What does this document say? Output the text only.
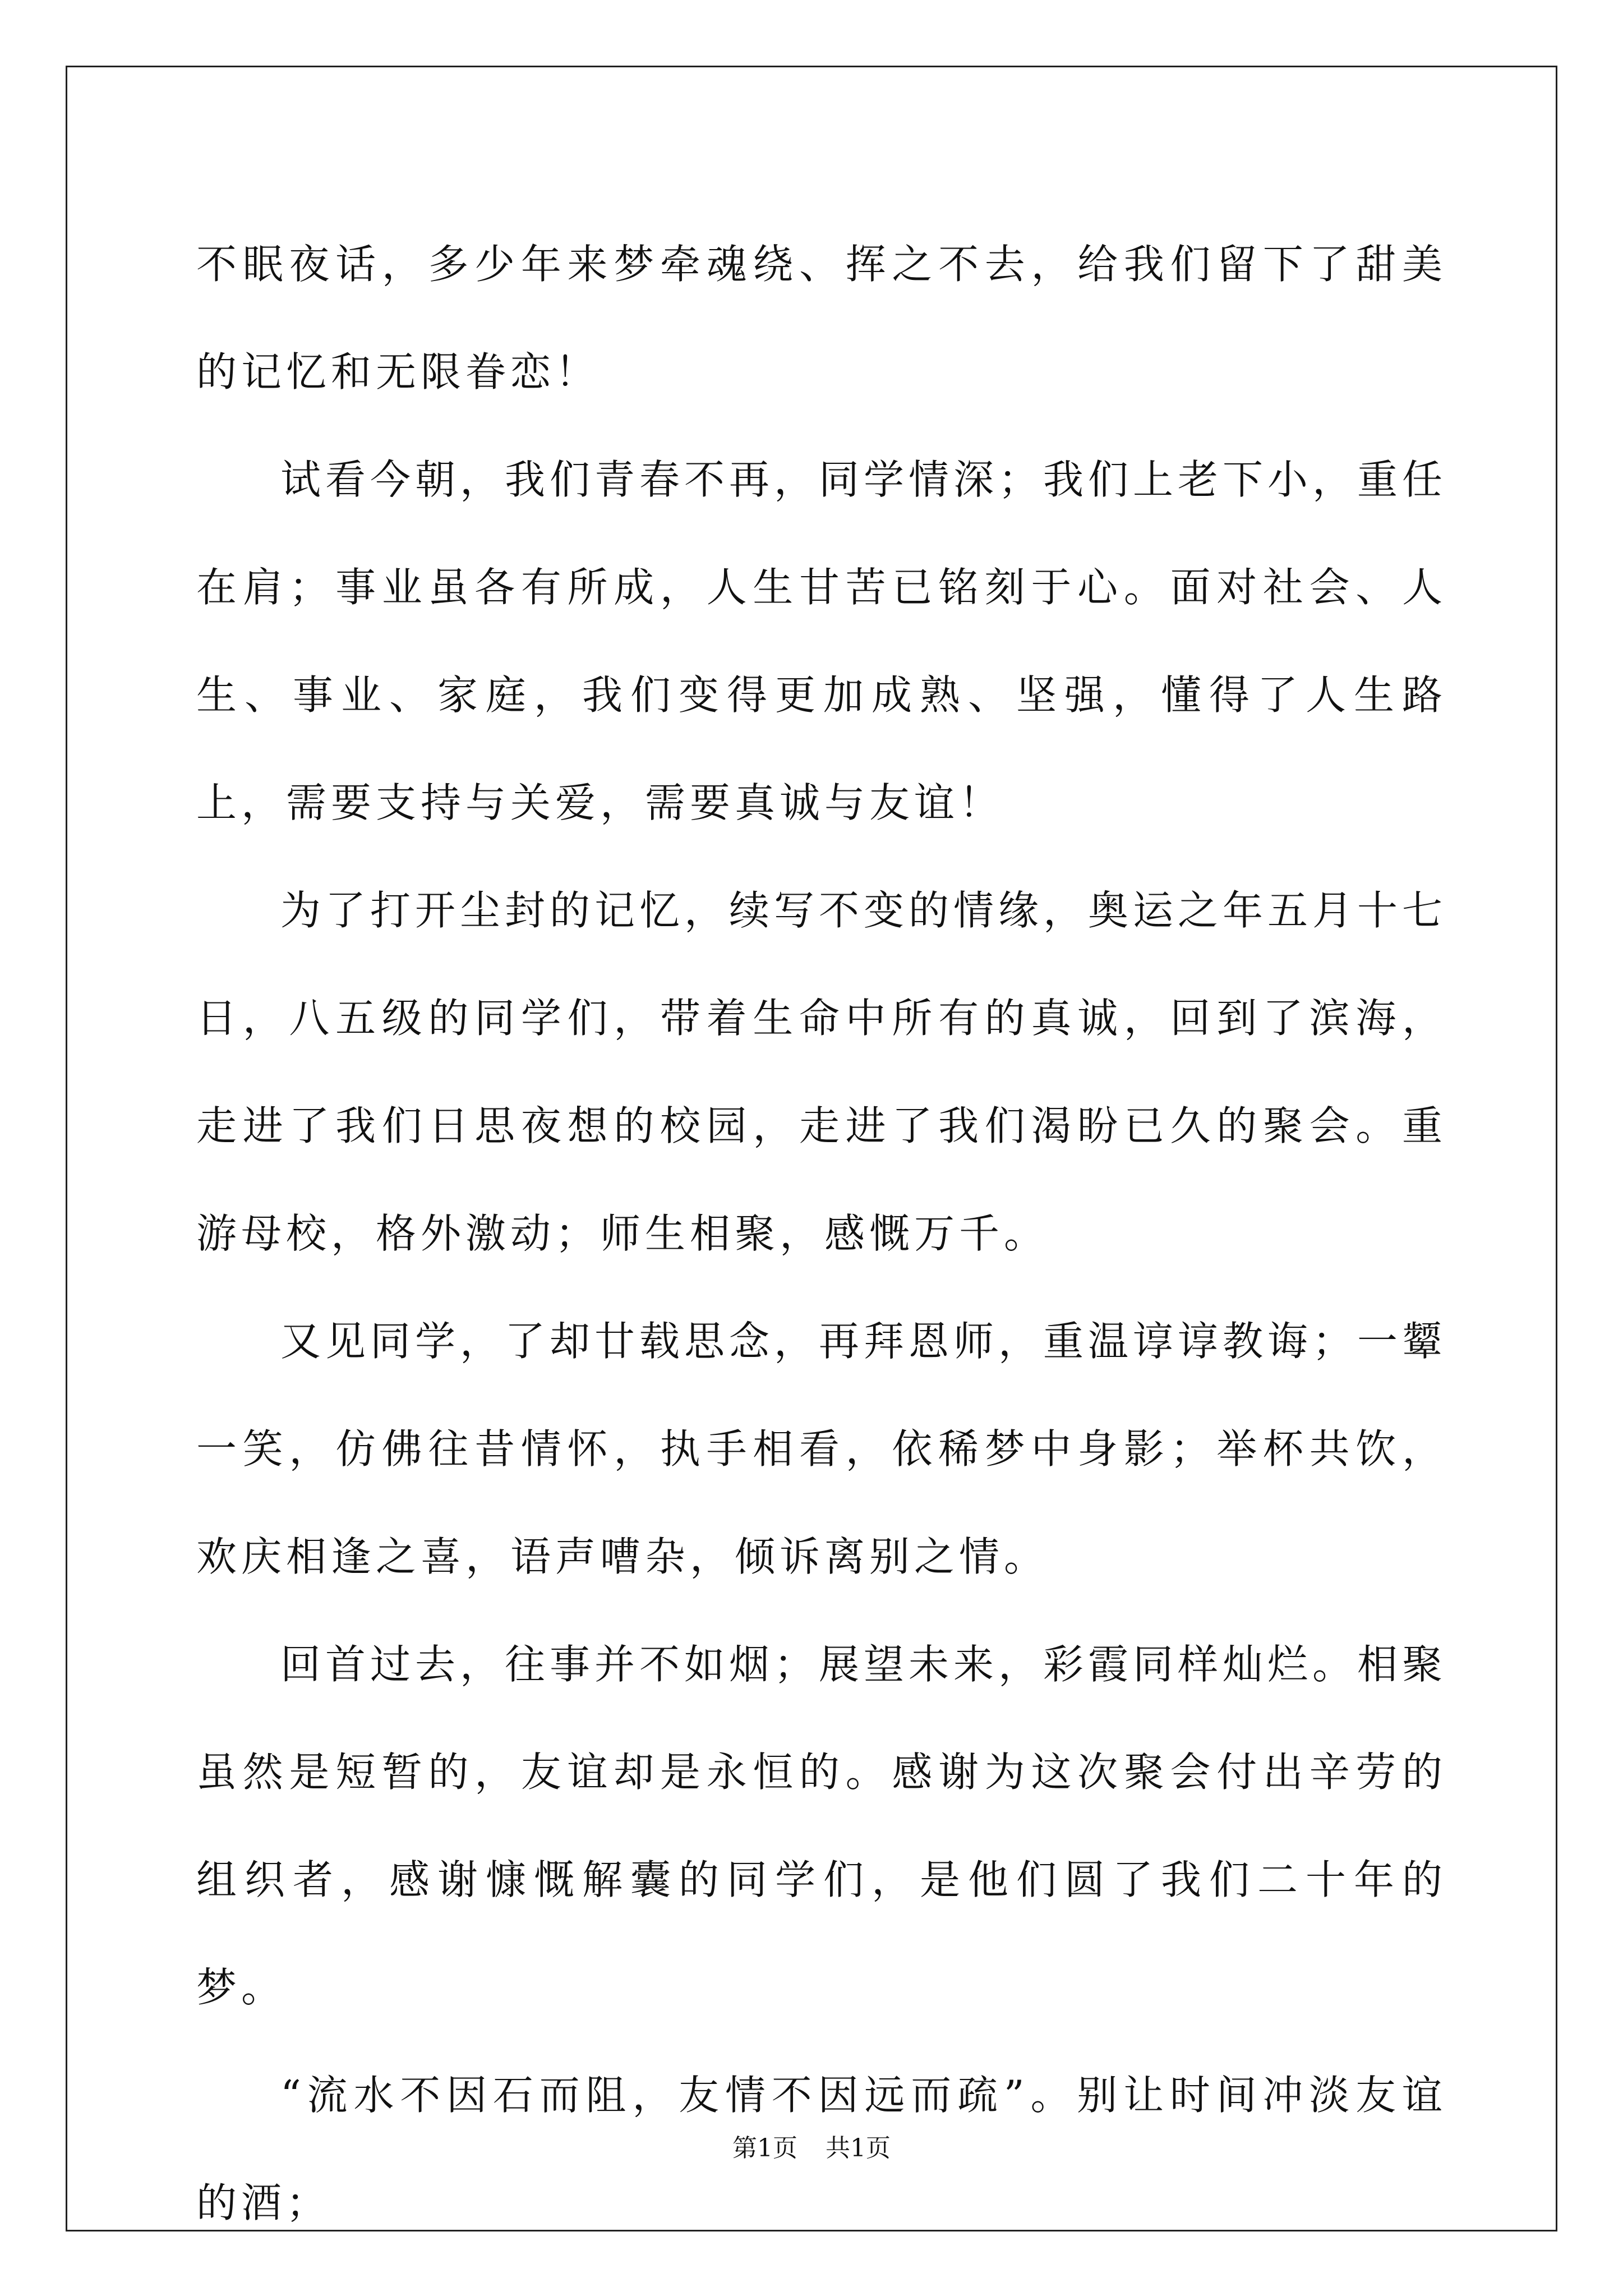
不眠夜话，多少年来梦牵魂绕、挥之不去，给我们留下了甜美的记忆和无限眷恋！

试看今朝，我们青春不再，同学情深；我们上老下小，重任在肩；事业虽各有所成，人生甘苦已铭刻于心。面对社会、人生、事业、家庭，我们变得更加成熟、坚强，懂得了人生路上，需要支持与关爱，需要真诚与友谊！

为了打开尘封的记忆，续写不变的情缘，奥运之年五月十七日，八五级的同学们，带着生命中所有的真诚，回到了滨海，走进了我们日思夜想的校园，走进了我们渴盼已久的聚会。重游母校，格外激动；师生相聚，感慨万千。

又见同学，了却廿载思念，再拜恩师，重温谆谆教诲；一颦一笑，仿佛往昔情怀，执手相看，依稀梦中身影；举杯共饮，欢庆相逢之喜，语声嘈杂，倾诉离别之情。

回首过去，往事并不如烟；展望未来，彩霞同样灿烂。相聚虽然是短暂的，友谊却是永恒的。感谢为这次聚会付出辛劳的组织者，感谢慷慨解囊的同学们，是他们圆了我们二十年的梦。

“流水不因石而阻，友情不因远而疏”。别让时间冲淡友谊的酒；

第1页 共1页
